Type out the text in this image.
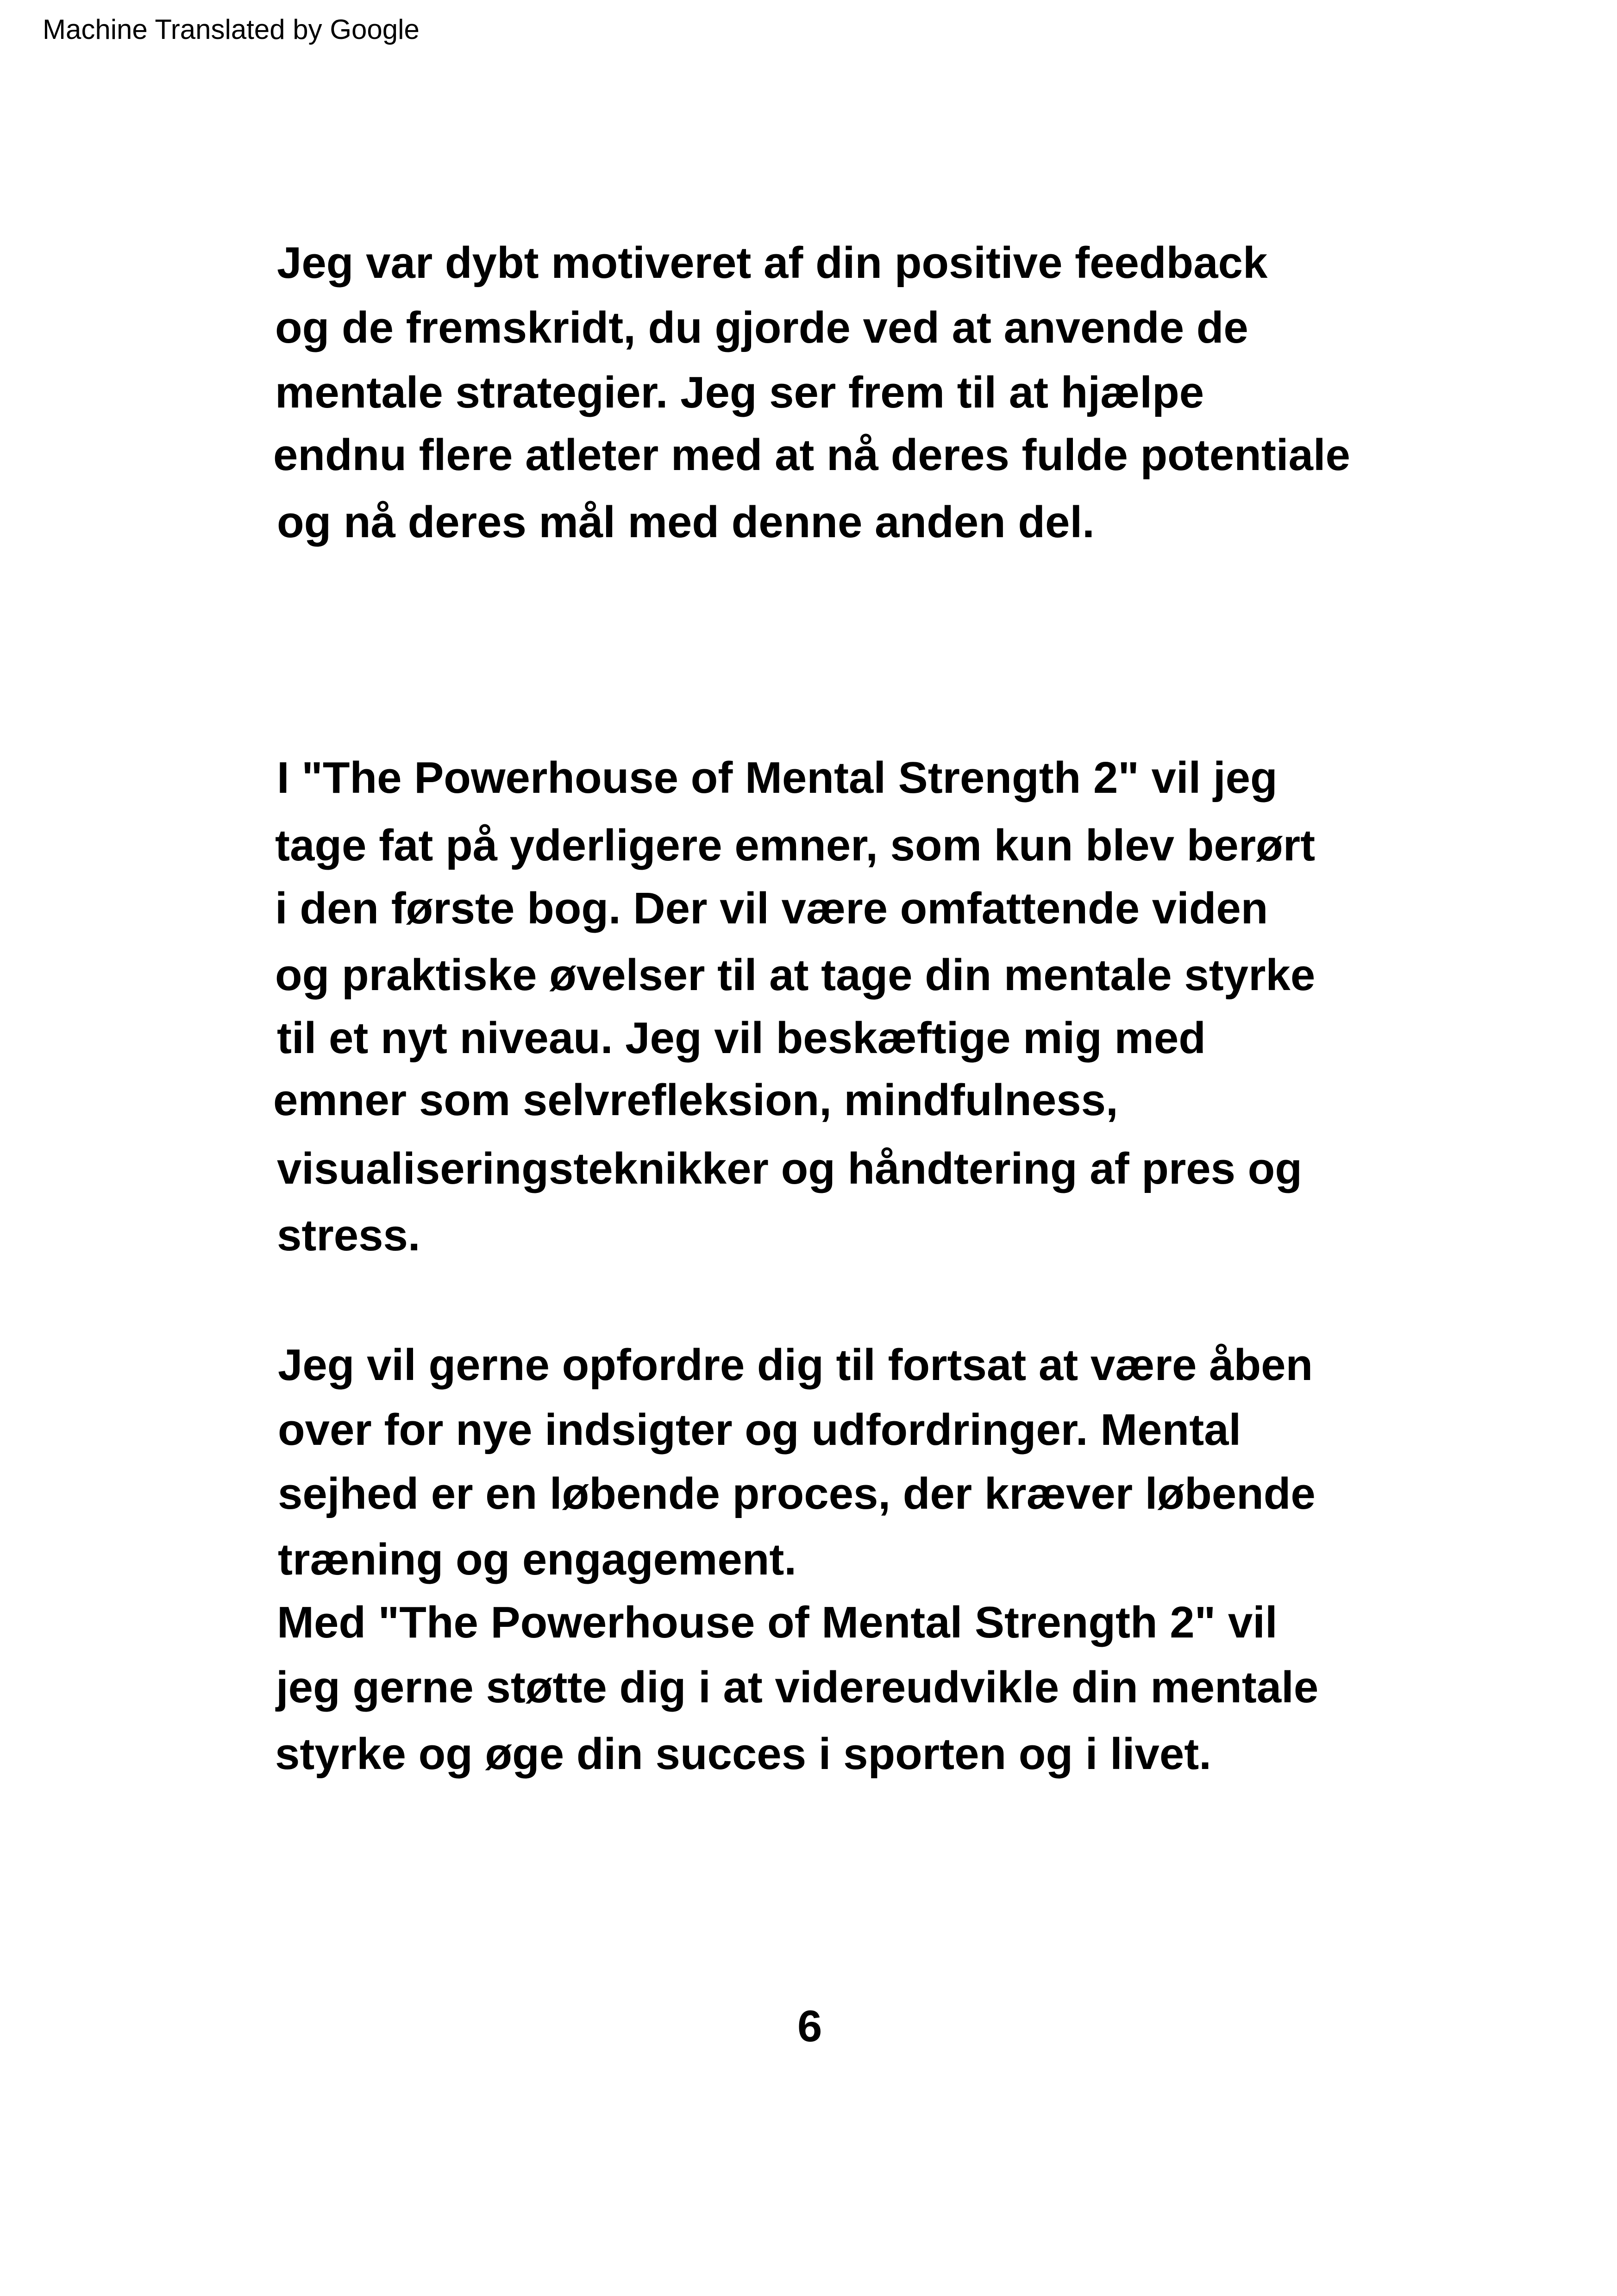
Machine Translated by Google
Jeg var dybt motiveret af din positive feedback
og de fremskridt, du gjorde ved at anvende de
mentale strategier. Jeg ser frem til at hjælpe
endnu flere atleter med at nå deres fulde potentiale
og nå deres mål med denne anden del.
I "The Powerhouse of Mental Strength 2" vil jeg
tage fat på yderligere emner, som kun blev berørt
i den første bog. Der vil være omfattende viden
og praktiske øvelser til at tage din mentale styrke
til et nyt niveau. Jeg vil beskæftige mig med
emner som selvrefleksion, mindfulness,
visualiseringsteknikker og håndtering af pres og
stress.
Jeg vil gerne opfordre dig til fortsat at være åben
over for nye indsigter og udfordringer. Mental
sejhed er en løbende proces, der kræver løbende
træning og engagement.
Med "The Powerhouse of Mental Strength 2" vil
jeg gerne støtte dig i at videreudvikle din mentale
styrke og øge din succes i sporten og i livet.
6
